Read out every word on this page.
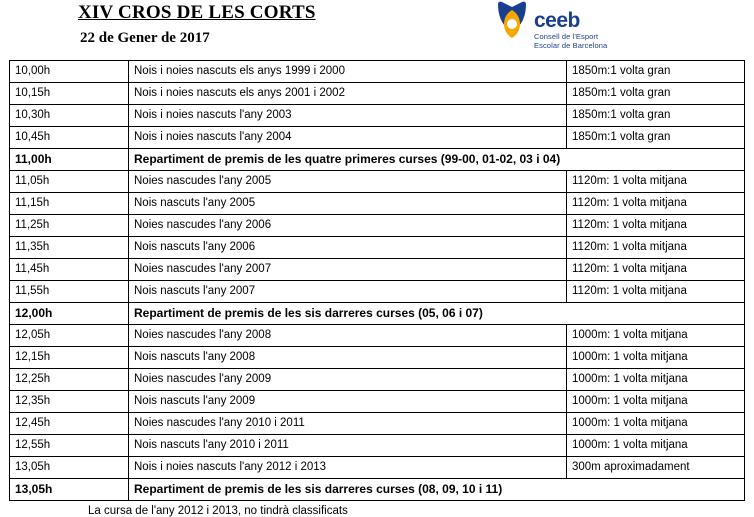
XIV CROS DE LES CORTS
22 de Gener de 2017
ceeb
Consell de l'Esport
Escolar de Barcelona
10,00h	Nois i noies nascuts els anys 1999 i 2000	1850m:1 volta gran
10,15h	Nois i noies nascuts els anys 2001 i 2002	1850m:1 volta gran
10,30h	Nois i noies nascuts l'any 2003	1850m:1 volta gran
10,45h	Nois i noies nascuts l'any 2004	1850m:1 volta gran
11,00h	Repartiment de premis de les quatre primeres curses (99-00, 01-02, 03 i 04)	
11,05h	Noies nascudes l'any 2005	1120m: 1 volta mitjana
11,15h	Nois nascuts l'any 2005	1120m: 1 volta mitjana
11,25h	Noies nascudes l'any 2006	1120m: 1 volta mitjana
11,35h	Nois nascuts l'any 2006	1120m: 1 volta mitjana
11,45h	Noies nascudes l'any 2007	1120m: 1 volta mitjana
11,55h	Nois nascuts l'any 2007	1120m: 1 volta mitjana
12,00h	Repartiment de premis de les sis darreres curses (05, 06 i 07)	
12,05h	Noies nascudes l'any 2008	1000m: 1 volta mitjana
12,15h	Nois nascuts l'any 2008	1000m: 1 volta mitjana
12,25h	Noies nascudes l'any 2009	1000m: 1 volta mitjana
12,35h	Nois nascuts l'any 2009	1000m: 1 volta mitjana
12,45h	Noies nascudes l'any 2010 i 2011	1000m: 1 volta mitjana
12,55h	Nois nascuts l'any 2010 i 2011	1000m: 1 volta mitjana
13,05h	Nois i noies nascuts l'any 2012 i 2013	300m aproximadament
13,05h	Repartiment de premis de les sis darreres curses (08, 09, 10 i 11)	
La cursa de l'any 2012 i 2013, no tindrà classificats
